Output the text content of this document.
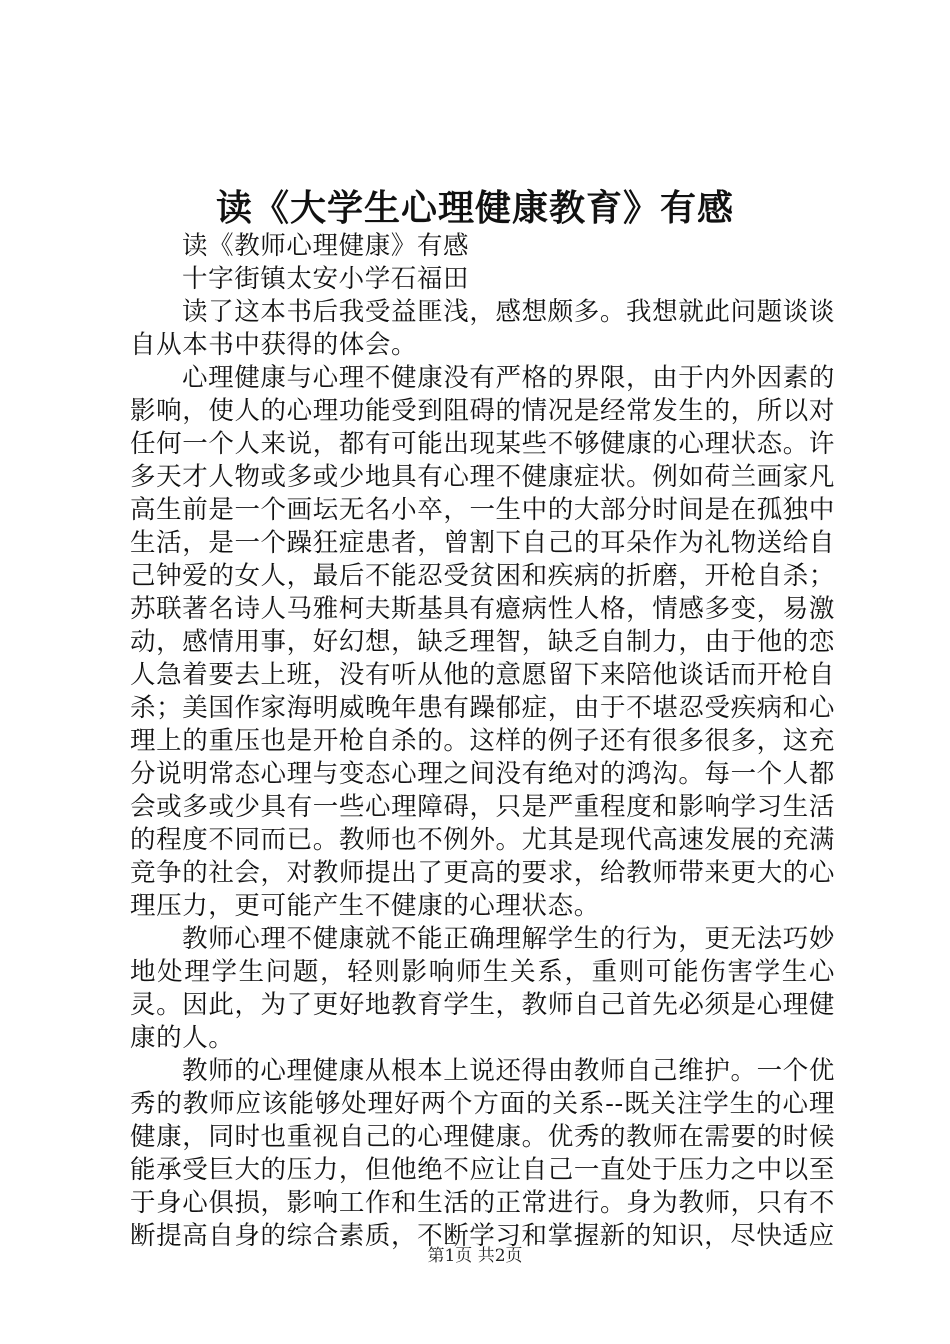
读《大学生心理健康教育》有感

读《教师心理健康》有感

十字街镇太安小学石福田

读了这本书后我受益匪浅，感想颇多。我想就此问题谈谈自从本书中获得的体会。

心理健康与心理不健康没有严格的界限，由于内外因素的影响，使人的心理功能受到阻碍的情况是经常发生的，所以对任何一个人来说，都有可能出现某些不够健康的心理状态。许多天才人物或多或少地具有心理不健康症状。例如荷兰画家凡高生前是一个画坛无名小卒，一生中的大部分时间是在孤独中生活，是一个躁狂症患者，曾割下自己的耳朵作为礼物送给自己钟爱的女人，最后不能忍受贫困和疾病的折磨，开枪自杀；苏联著名诗人马雅柯夫斯基具有癔病性人格，情感多变，易激动，感情用事，好幻想，缺乏理智，缺乏自制力，由于他的恋人急着要去上班，没有听从他的意愿留下来陪他谈话而开枪自杀；美国作家海明威晚年患有躁郁症，由于不堪忍受疾病和心理上的重压也是开枪自杀的。这样的例子还有很多很多，这充分说明常态心理与变态心理之间没有绝对的鸿沟。每一个人都会或多或少具有一些心理障碍，只是严重程度和影响学习生活的程度不同而已。教师也不例外。尤其是现代高速发展的充满竞争的社会，对教师提出了更高的要求，给教师带来更大的心理压力，更可能产生不健康的心理状态。

教师心理不健康就不能正确理解学生的行为，更无法巧妙地处理学生问题，轻则影响师生关系，重则可能伤害学生心灵。因此，为了更好地教育学生，教师自己首先必须是心理健康的人。

教师的心理健康从根本上说还得由教师自己维护。一个优秀的教师应该能够处理好两个方面的关系--既关注学生的心理健康，同时也重视自己的心理健康。优秀的教师在需要的时候能承受巨大的压力，但他绝不应让自己一直处于压力之中以至于身心俱损，影响工作和生活的正常进行。身为教师，只有不断提高自身的综合素质，不断学习和掌握新的知识，尽快适应

第1页 共2页
